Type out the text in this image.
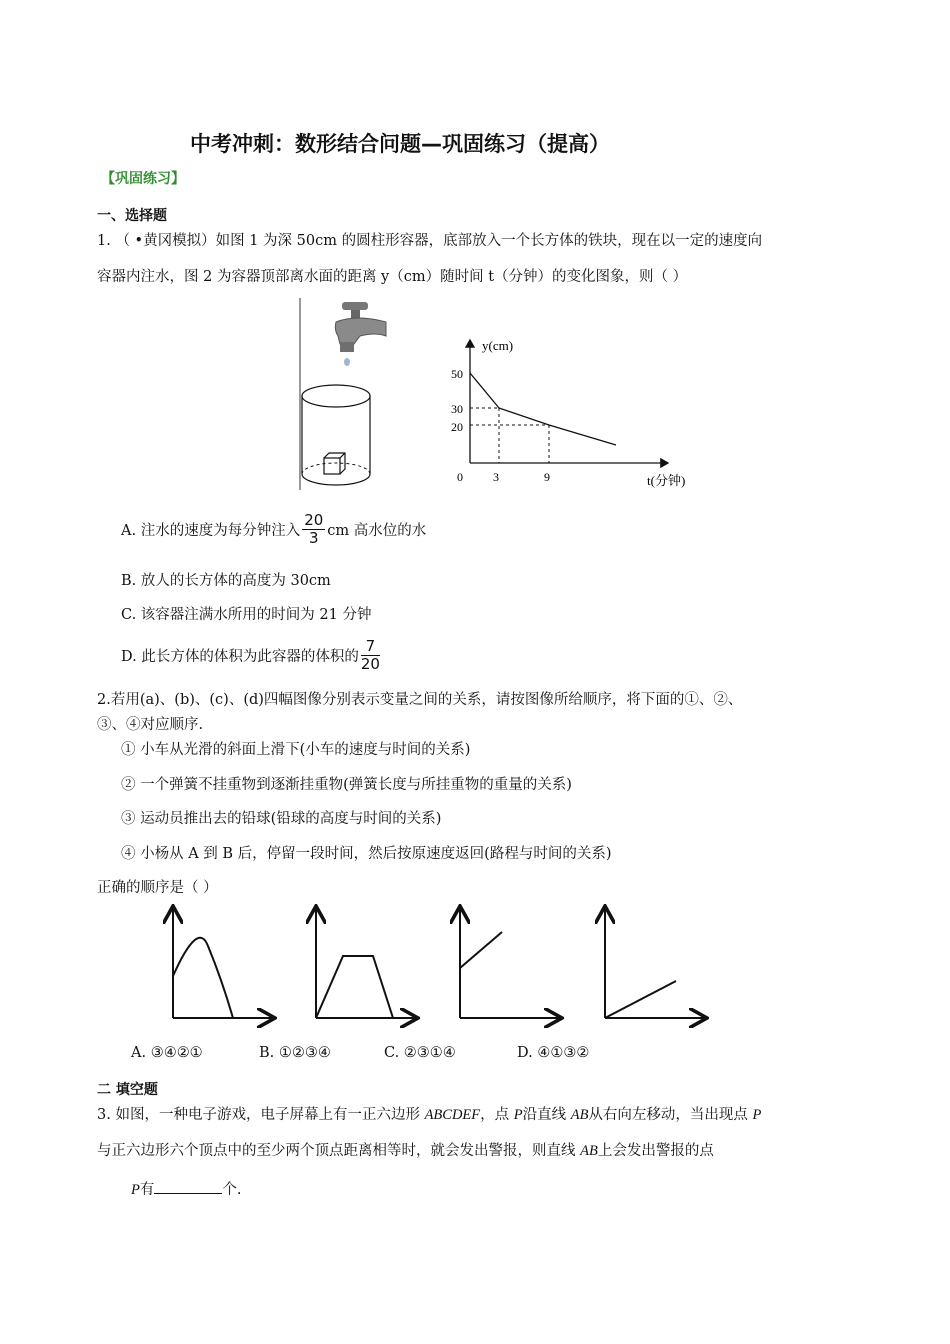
中考冲刺：数形结合问题—巩固练习（提高）
【巩固练习】
一、选择题
1. （ •黄冈模拟）如图 1 为深 50cm 的圆柱形容器，底部放入一个长方体的铁块，现在以一定的速度向
容器内注水，图 2 为容器顶部离水面的距离 y（cm）随时间 t（分钟）的变化图象，则（ ）
y(cm)
t(分钟)
50
30
20
0	3	9
A. 注水的速度为每分钟注入 $\frac{20}{3}$ cm 高水位的水
B. 放人的长方体的高度为 30cm
C. 该容器注满水所用的时间为 21 分钟
D. 此长方体的体积为此容器的体积的 $\frac{7}{20}$
2.若用(a)、(b)、(c)、(d)四幅图像分别表示变量之间的关系，请按图像所给顺序，将下面的①、②、
③、④对应顺序.
① 小车从光滑的斜面上滑下(小车的速度与时间的关系)
② 一个弹簧不挂重物到逐渐挂重物(弹簧长度与所挂重物的重量的关系)
③ 运动员推出去的铅球(铅球的高度与时间的关系)
④ 小杨从 A 到 B 后，停留一段时间，然后按原速度返回(路程与时间的关系)
正确的顺序是（ ）
A. ③④②①	B. ①②③④	C. ②③①④	D. ④①③②
二 填空题
3. 如图，一种电子游戏，电子屏幕上有一正六边形 ABCDEF，点 P沿直线 AB从右向左移动，当出现点 P
与正六边形六个顶点中的至少两个顶点距离相等时，就会发出警报，则直线 AB上会发出警报的点
P有	个.
